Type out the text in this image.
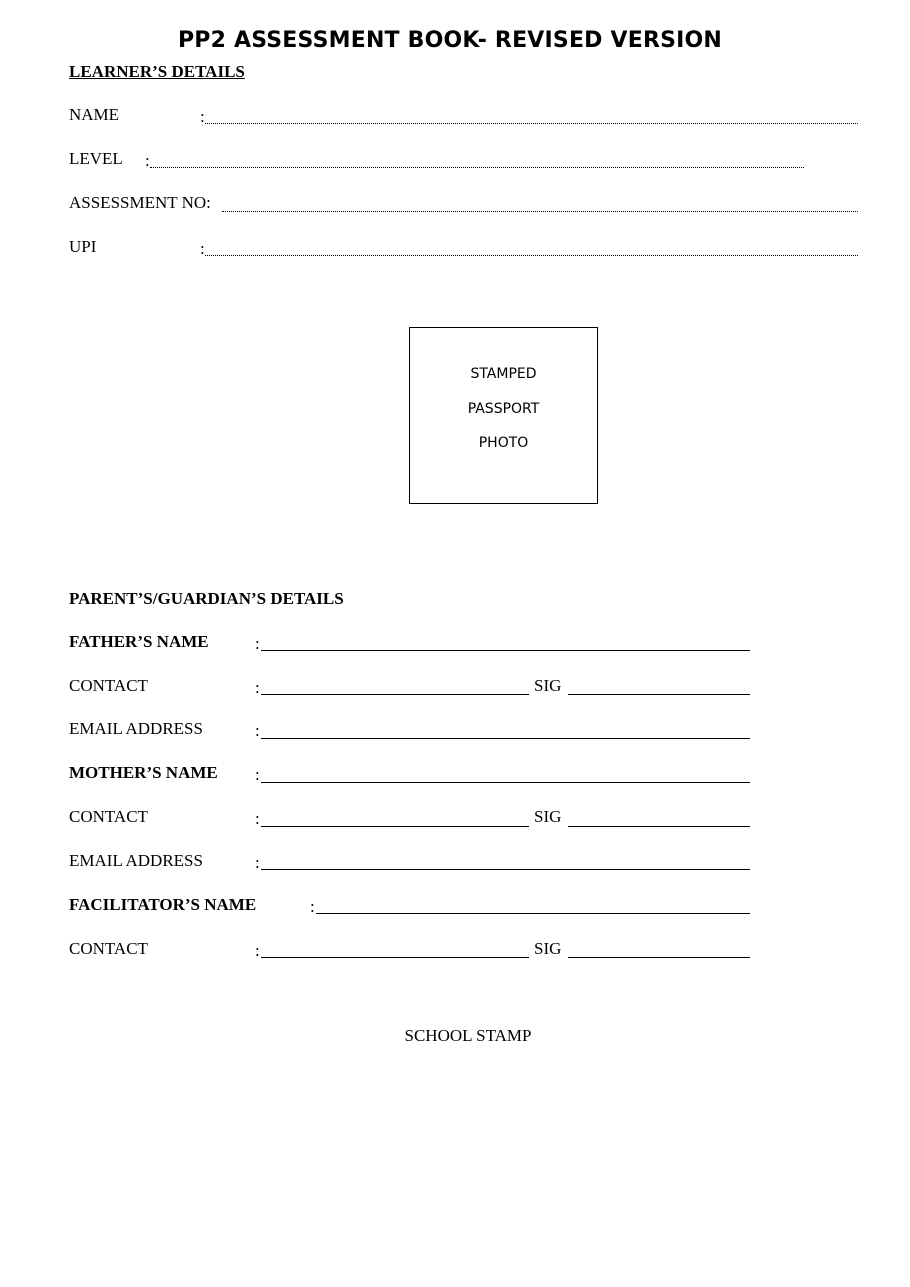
PP2 ASSESSMENT BOOK- REVISED VERSION
LEARNER’S DETAILS
NAME	:
LEVEL :
ASSESSMENT NO:
UPI	:
STAMPED
PASSPORT
PHOTO
PARENT’S/GUARDIAN’S DETAILS
FATHER’S NAME	:
CONTACT	:	SIG
EMAIL ADDRESS	:
MOTHER’S NAME :
CONTACT	:	SIG
EMAIL ADDRESS	:
FACILITATOR’S NAME	:
CONTACT	:	SIG
SCHOOL STAMP
